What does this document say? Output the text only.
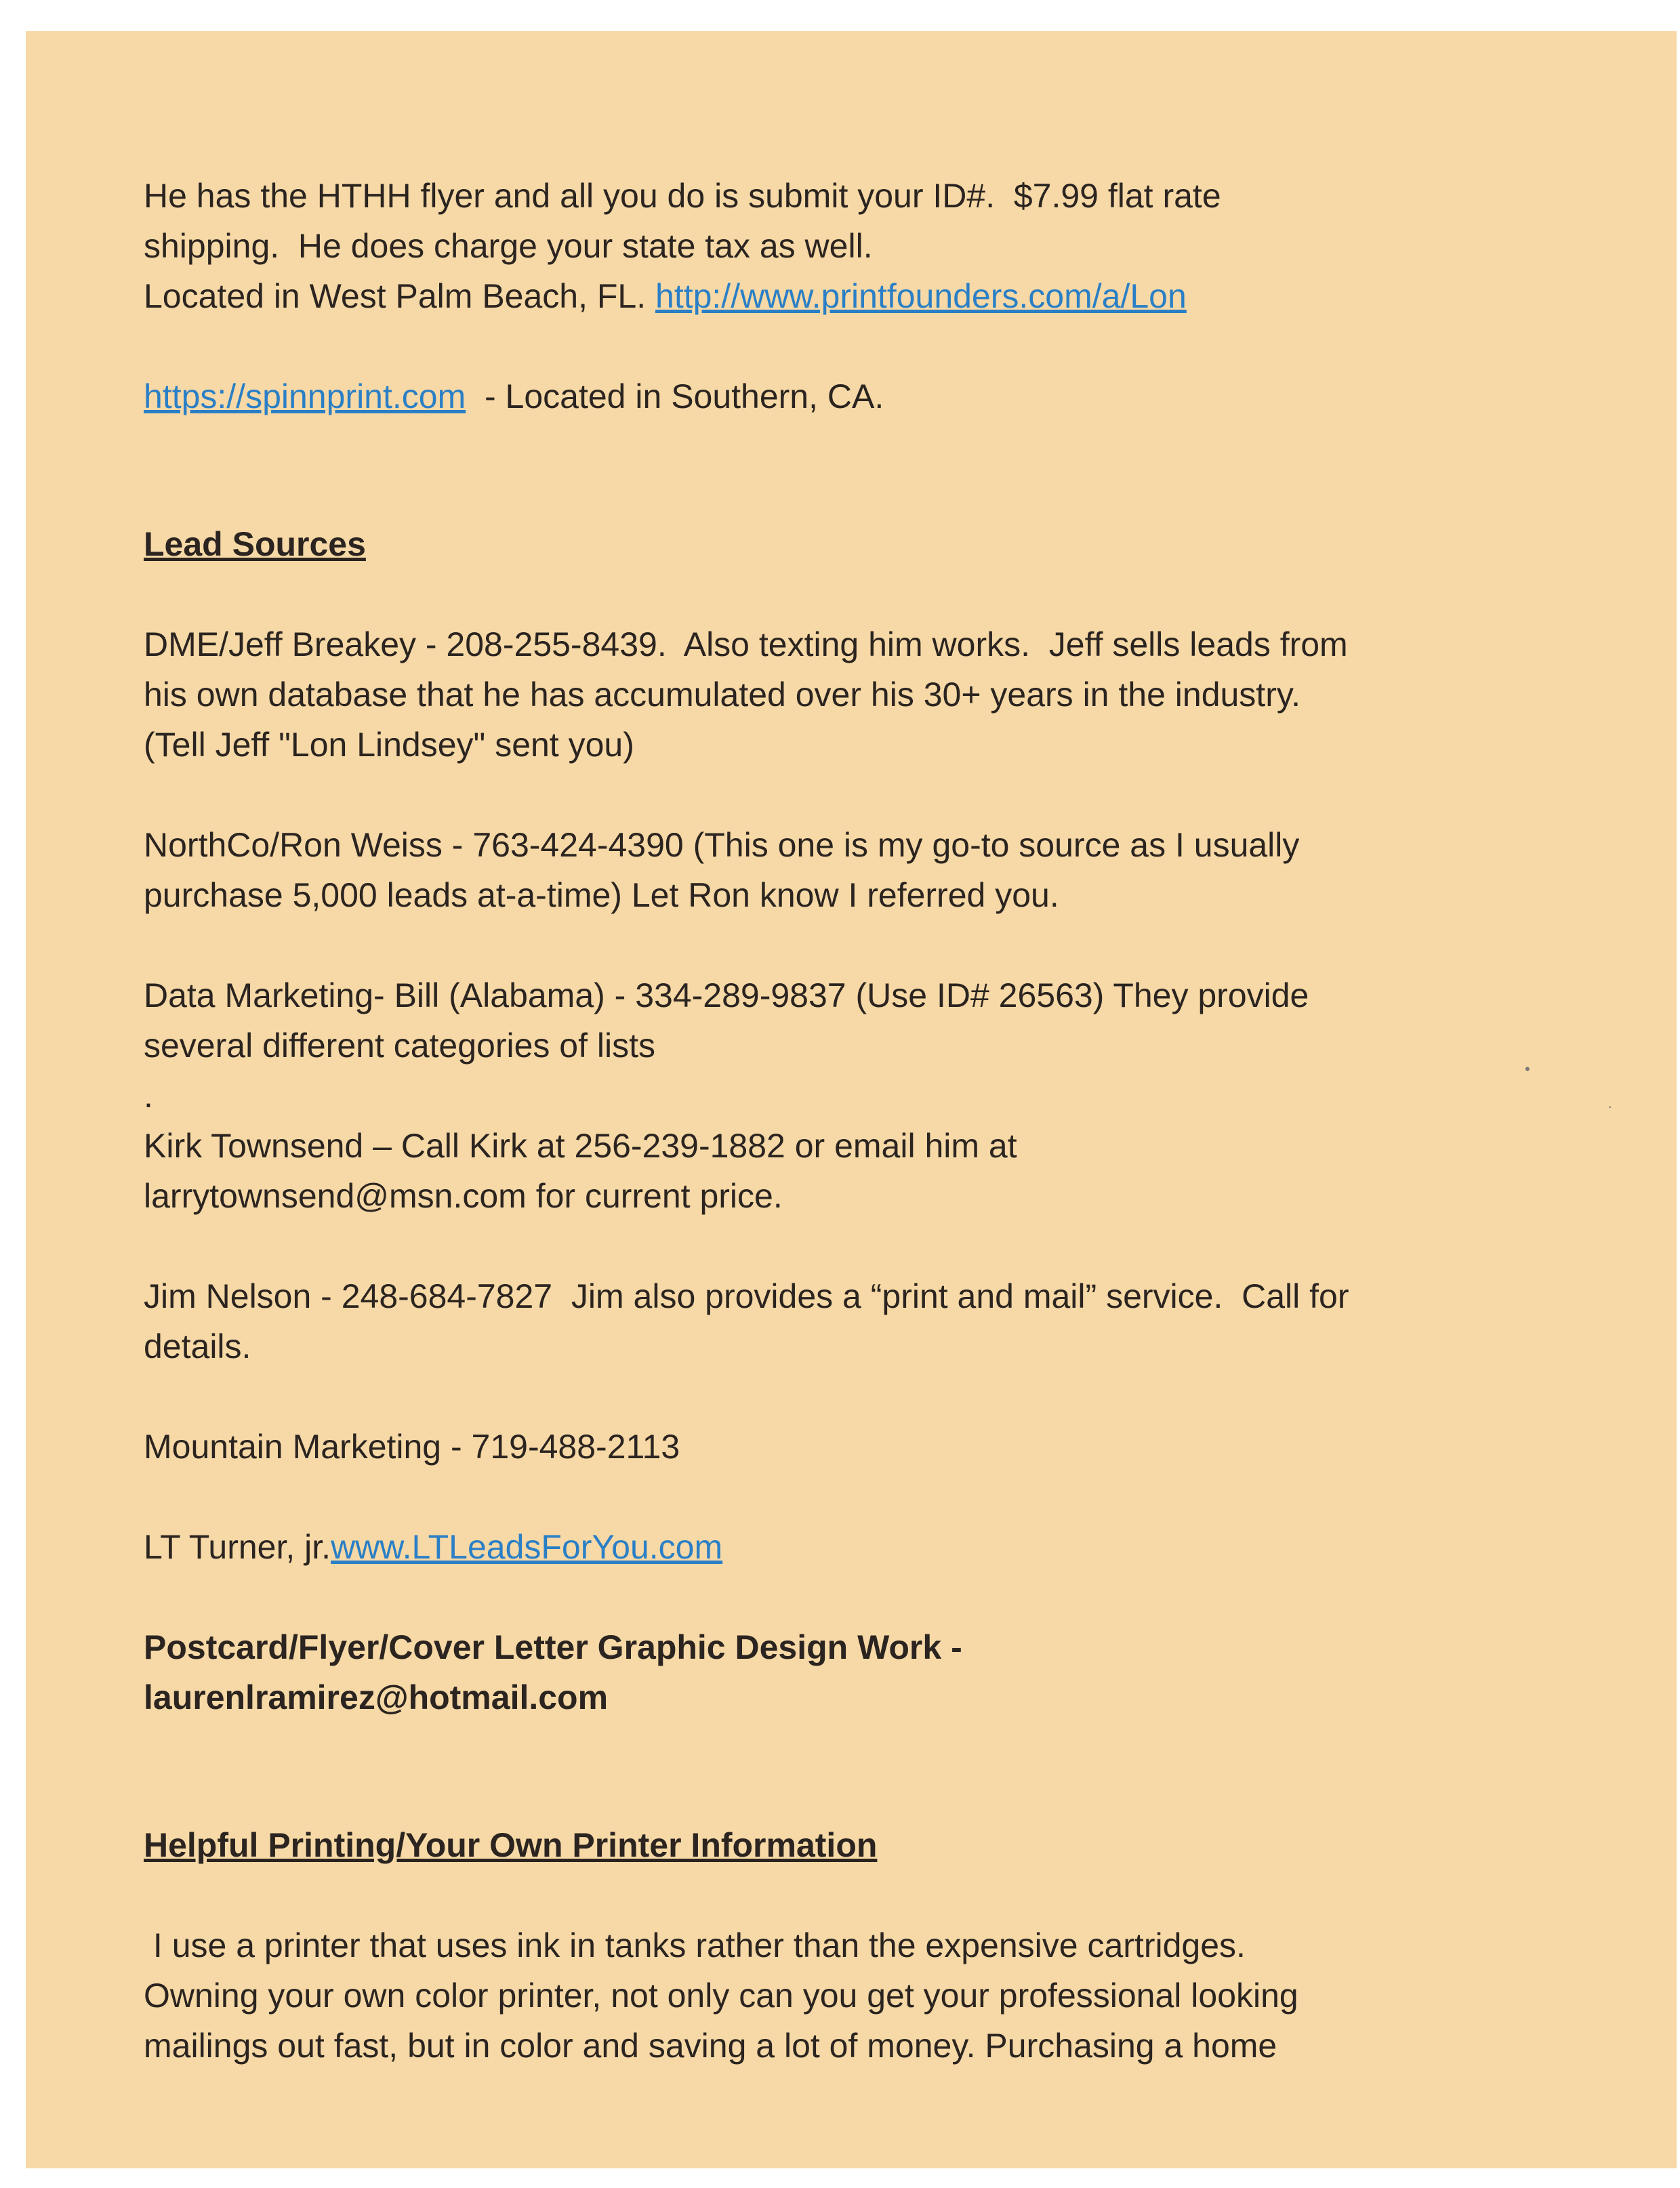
•
·

He has the HTHH flyer and all you do is submit your ID#.  $7.99 flat rate

shipping.  He does charge your state tax as well.

Located in West Palm Beach, FL. http://www.printfounders.com/a/Lon

https://spinnprint.com  - Located in Southern, CA.

Lead Sources

DME/Jeff Breakey - 208-255-8439.  Also texting him works.  Jeff sells leads from

his own database that he has accumulated over his 30+ years in the industry.

(Tell Jeff "Lon Lindsey" sent you)

NorthCo/Ron Weiss - 763-424-4390 (This one is my go-to source as I usually

purchase 5,000 leads at-a-time) Let Ron know I referred you.

Data Marketing- Bill (Alabama) - 334-289-9837 (Use ID# 26563) They provide

several different categories of lists

.

Kirk Townsend – Call Kirk at 256-239-1882 or email him at

larrytownsend@msn.com for current price.

Jim Nelson - 248-684-7827  Jim also provides a “print and mail” service.  Call for

details.

Mountain Marketing - 719-488-2113

LT Turner, jr.www.LTLeadsForYou.com

Postcard/Flyer/Cover Letter Graphic Design Work -

laurenlramirez@hotmail.com

Helpful Printing/Your Own Printer Information

I use a printer that uses ink in tanks rather than the expensive cartridges.

Owning your own color printer, not only can you get your professional looking

mailings out fast, but in color and saving a lot of money. Purchasing a home
